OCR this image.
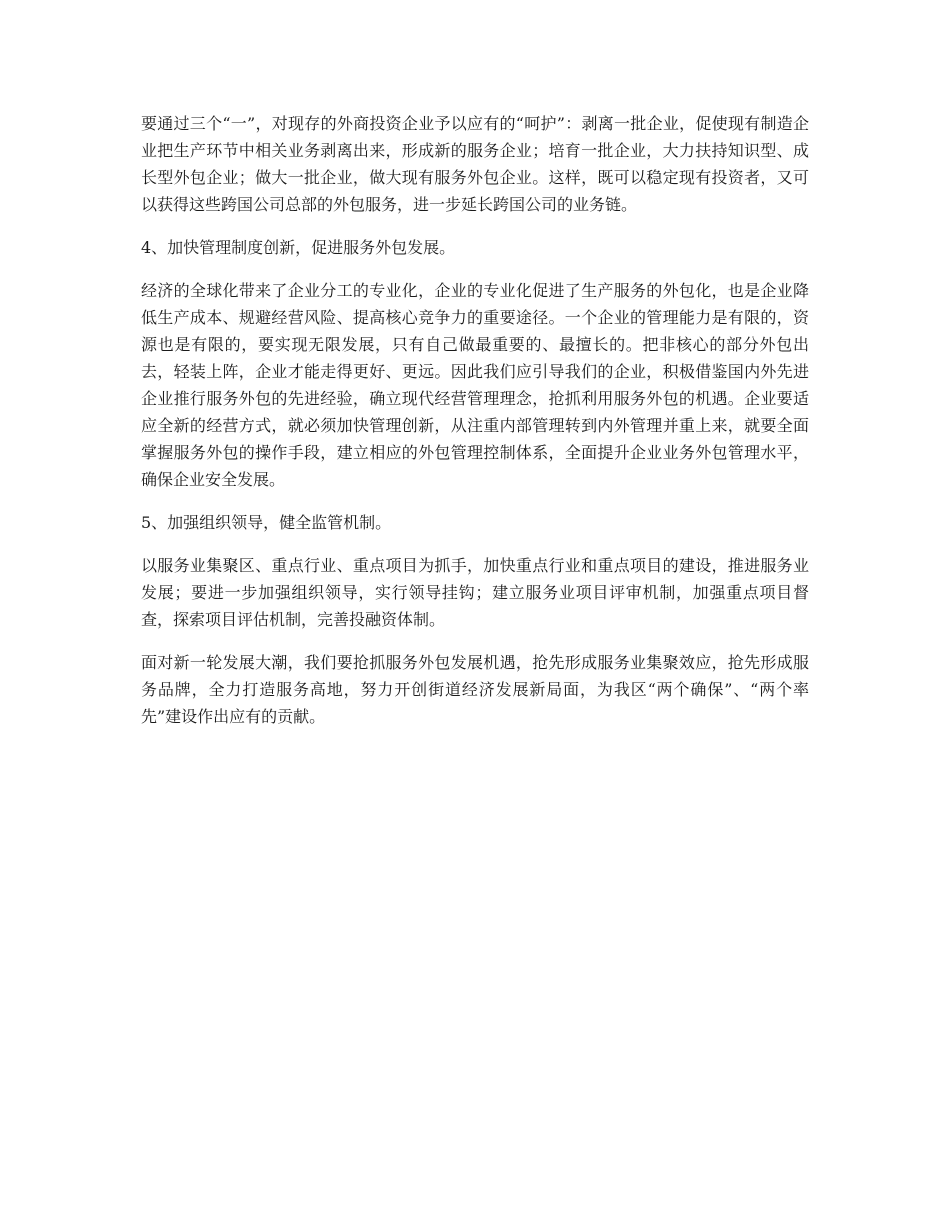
要通过三个“一”，对现存的外商投资企业予以应有的“呵护”：剥离一批企业，促使现有制造企业把生产环节中相关业务剥离出来，形成新的服务企业；培育一批企业，大力扶持知识型、成长型外包企业；做大一批企业，做大现有服务外包企业。这样，既可以稳定现有投资者，又可以获得这些跨国公司总部的外包服务，进一步延长跨国公司的业务链。

4、加快管理制度创新，促进服务外包发展。

经济的全球化带来了企业分工的专业化，企业的专业化促进了生产服务的外包化，也是企业降低生产成本、规避经营风险、提高核心竞争力的重要途径。一个企业的管理能力是有限的，资源也是有限的，要实现无限发展，只有自己做最重要的、最擅长的。把非核心的部分外包出去，轻装上阵，企业才能走得更好、更远。因此我们应引导我们的企业，积极借鉴国内外先进企业推行服务外包的先进经验，确立现代经营管理理念，抢抓利用服务外包的机遇。企业要适应全新的经营方式，就必须加快管理创新，从注重内部管理转到内外管理并重上来，就要全面掌握服务外包的操作手段，建立相应的外包管理控制体系，全面提升企业业务外包管理水平，确保企业安全发展。

5、加强组织领导，健全监管机制。

以服务业集聚区、重点行业、重点项目为抓手，加快重点行业和重点项目的建设，推进服务业发展；要进一步加强组织领导，实行领导挂钩；建立服务业项目评审机制，加强重点项目督查，探索项目评估机制，完善投融资体制。

面对新一轮发展大潮，我们要抢抓服务外包发展机遇，抢先形成服务业集聚效应，抢先形成服务品牌，全力打造服务高地，努力开创街道经济发展新局面，为我区“两个确保”、“两个率先”建设作出应有的贡献。
